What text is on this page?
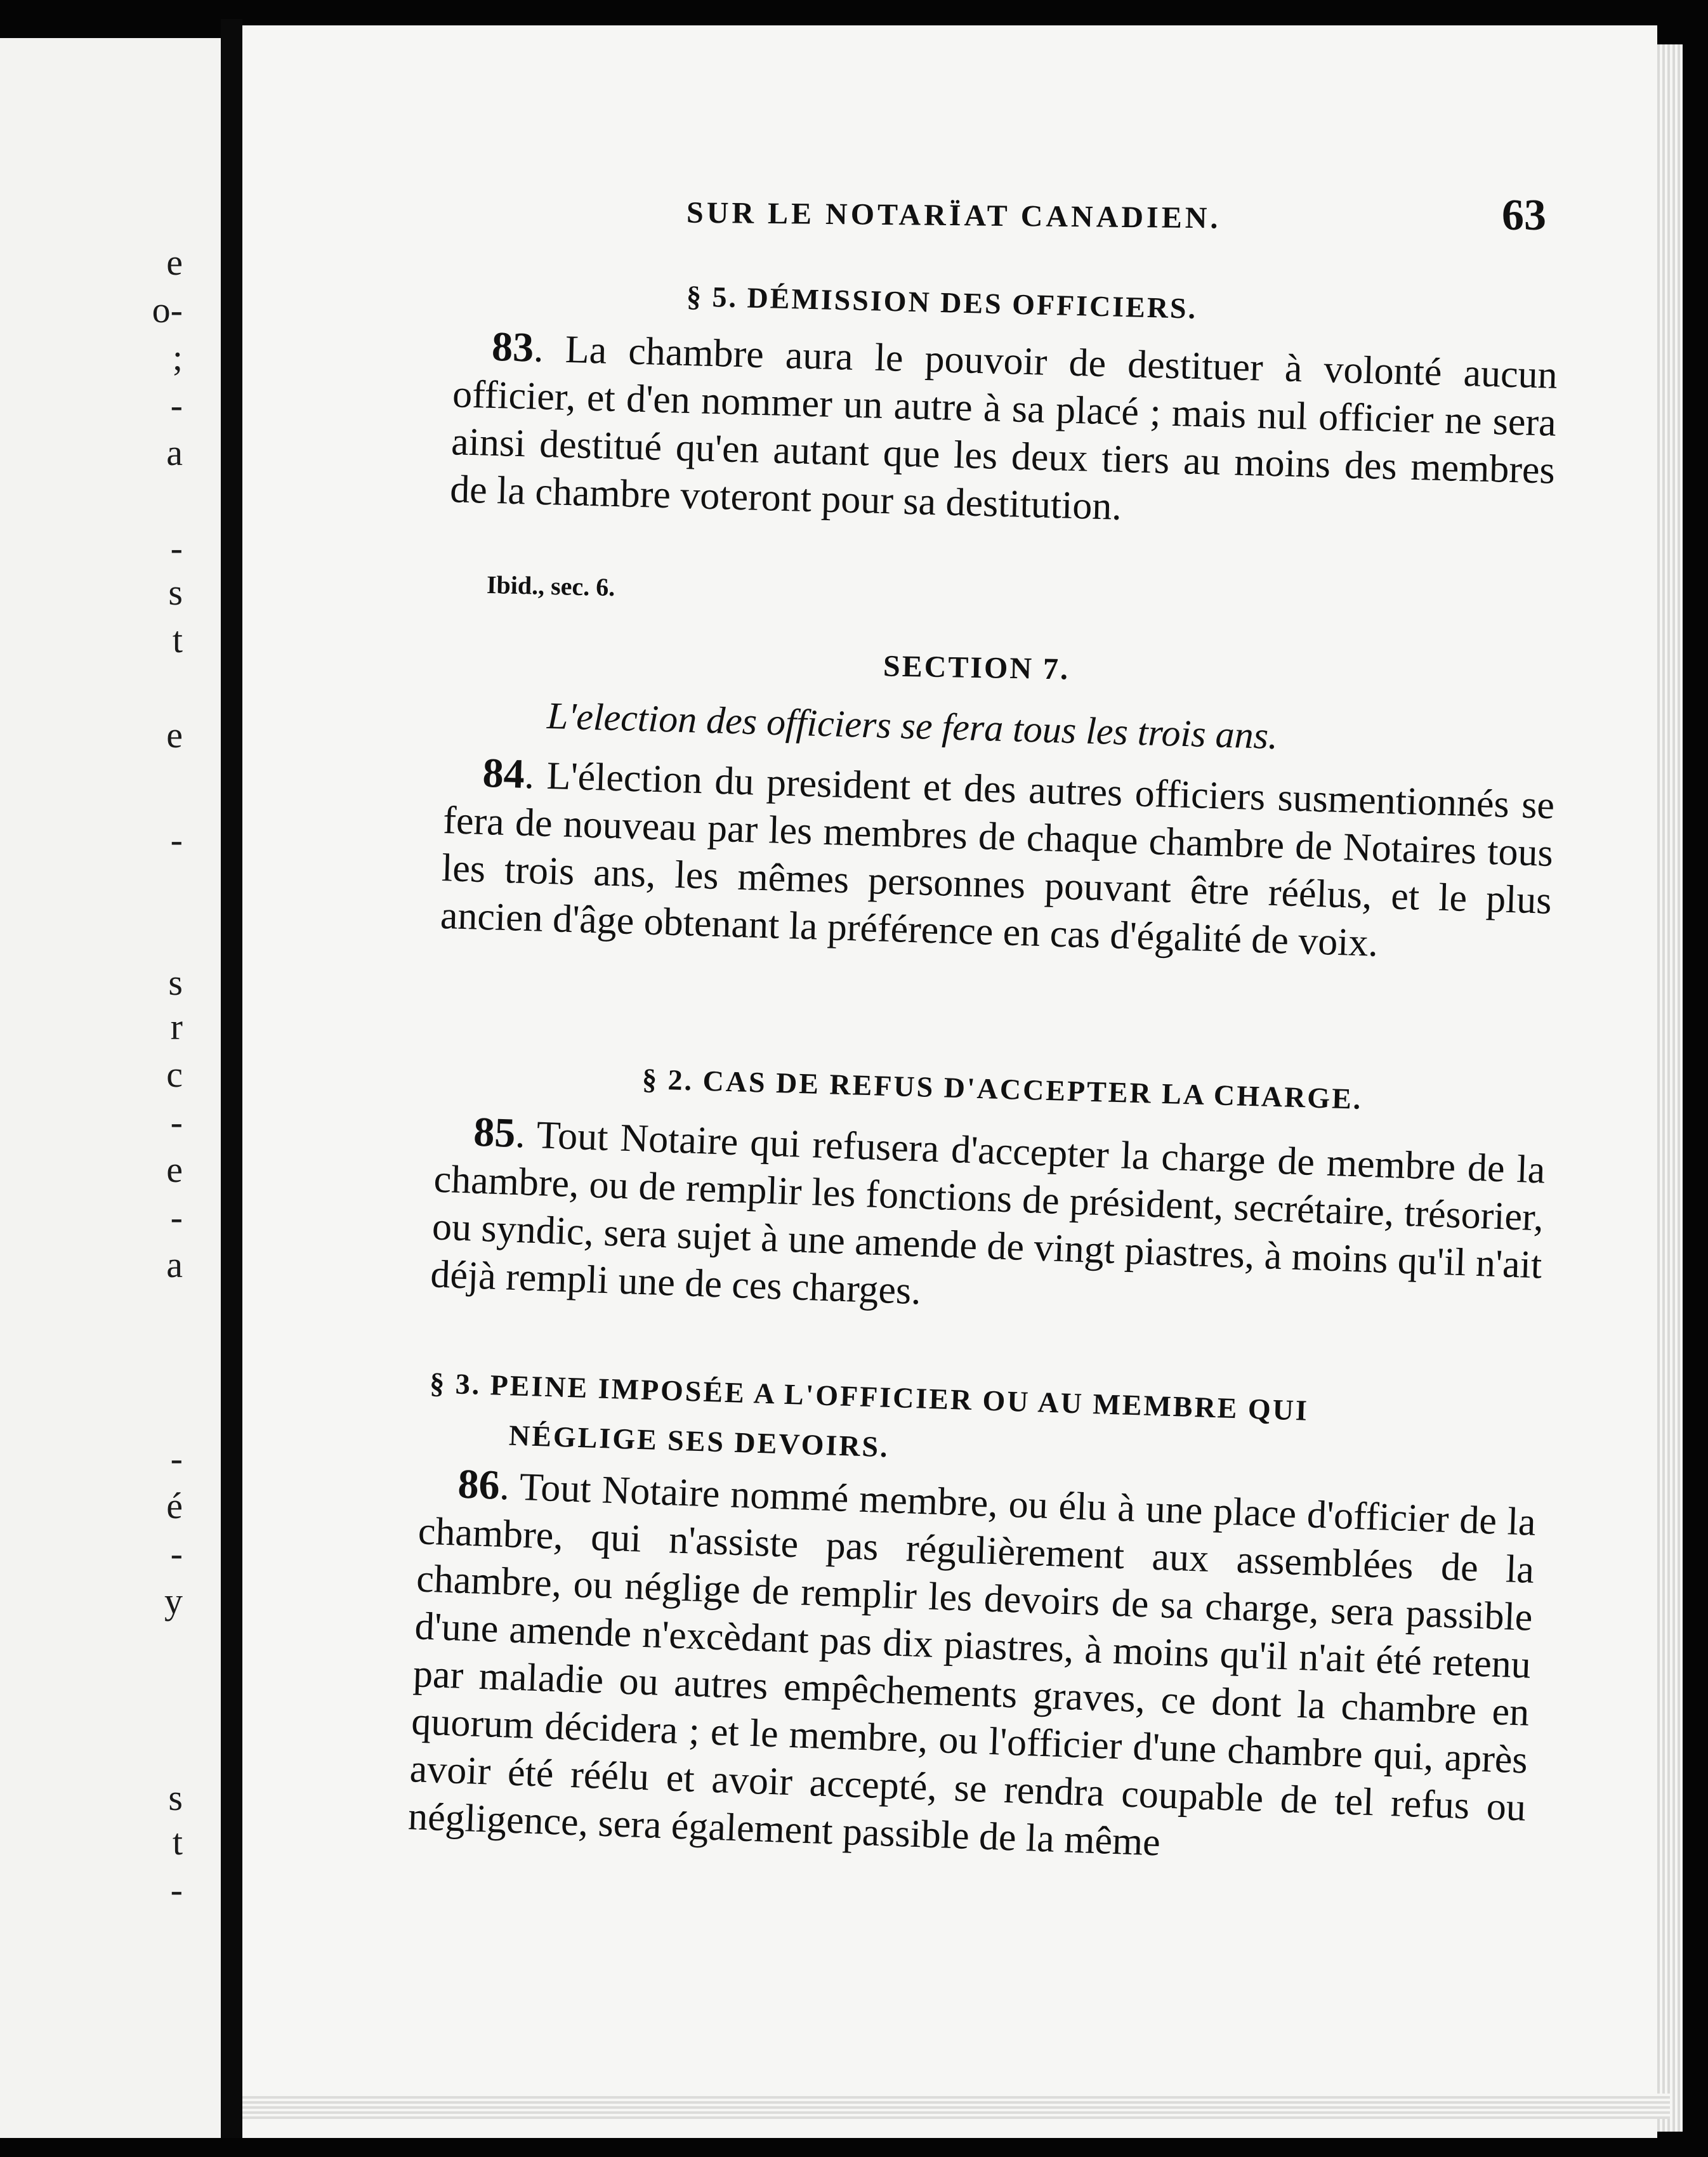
e
o-
;
-
a
-
s
t
e
-
s
r
c
-
e
-
a
-
é
-
y
s
t
-
SUR LE NOTARÏAT CANADIEN.	63
§ 5. DÉMISSION DES OFFICIERS.
83. La chambre aura le pouvoir de destituer à volonté aucun officier, et d'en nommer un autre à sa placé ; mais nul officier ne sera ainsi destitué qu'en autant que les deux tiers au moins des membres de la chambre voteront pour sa destitution.
Ibid., sec. 6.
SECTION 7.
L'election des officiers se fera tous les trois ans.
84. L'élection du president et des autres officiers susmentionnés se fera de nouveau par les membres de chaque chambre de Notaires tous les trois ans, les mêmes personnes pouvant être réélus, et le plus ancien d'âge obtenant la préférence en cas d'égalité de voix.
§ 2. CAS DE REFUS D'ACCEPTER LA CHARGE.
85. Tout Notaire qui refusera d'accepter la charge de membre de la chambre, ou de remplir les fonctions de président, secrétaire, trésorier, ou syndic, sera sujet à une amende de vingt piastres, à moins qu'il n'ait déjà rempli une de ces charges.
§ 3. PEINE IMPOSÉE A L'OFFICIER OU AU MEMBRE QUI
NÉGLIGE SES DEVOIRS.
86. Tout Notaire nommé membre, ou élu à une place d'officier de la chambre, qui n'assiste pas régulièrement aux assemblées de la chambre, ou néglige de remplir les devoirs de sa charge, sera passible d'une amende n'excèdant pas dix piastres, à moins qu'il n'ait été retenu par maladie ou autres empêchements graves, ce dont la chambre en quorum décidera ; et le membre, ou l'officier d'une chambre qui, après avoir été réélu et avoir accepté, se rendra coupable de tel refus ou négligence, sera également passible de la même
